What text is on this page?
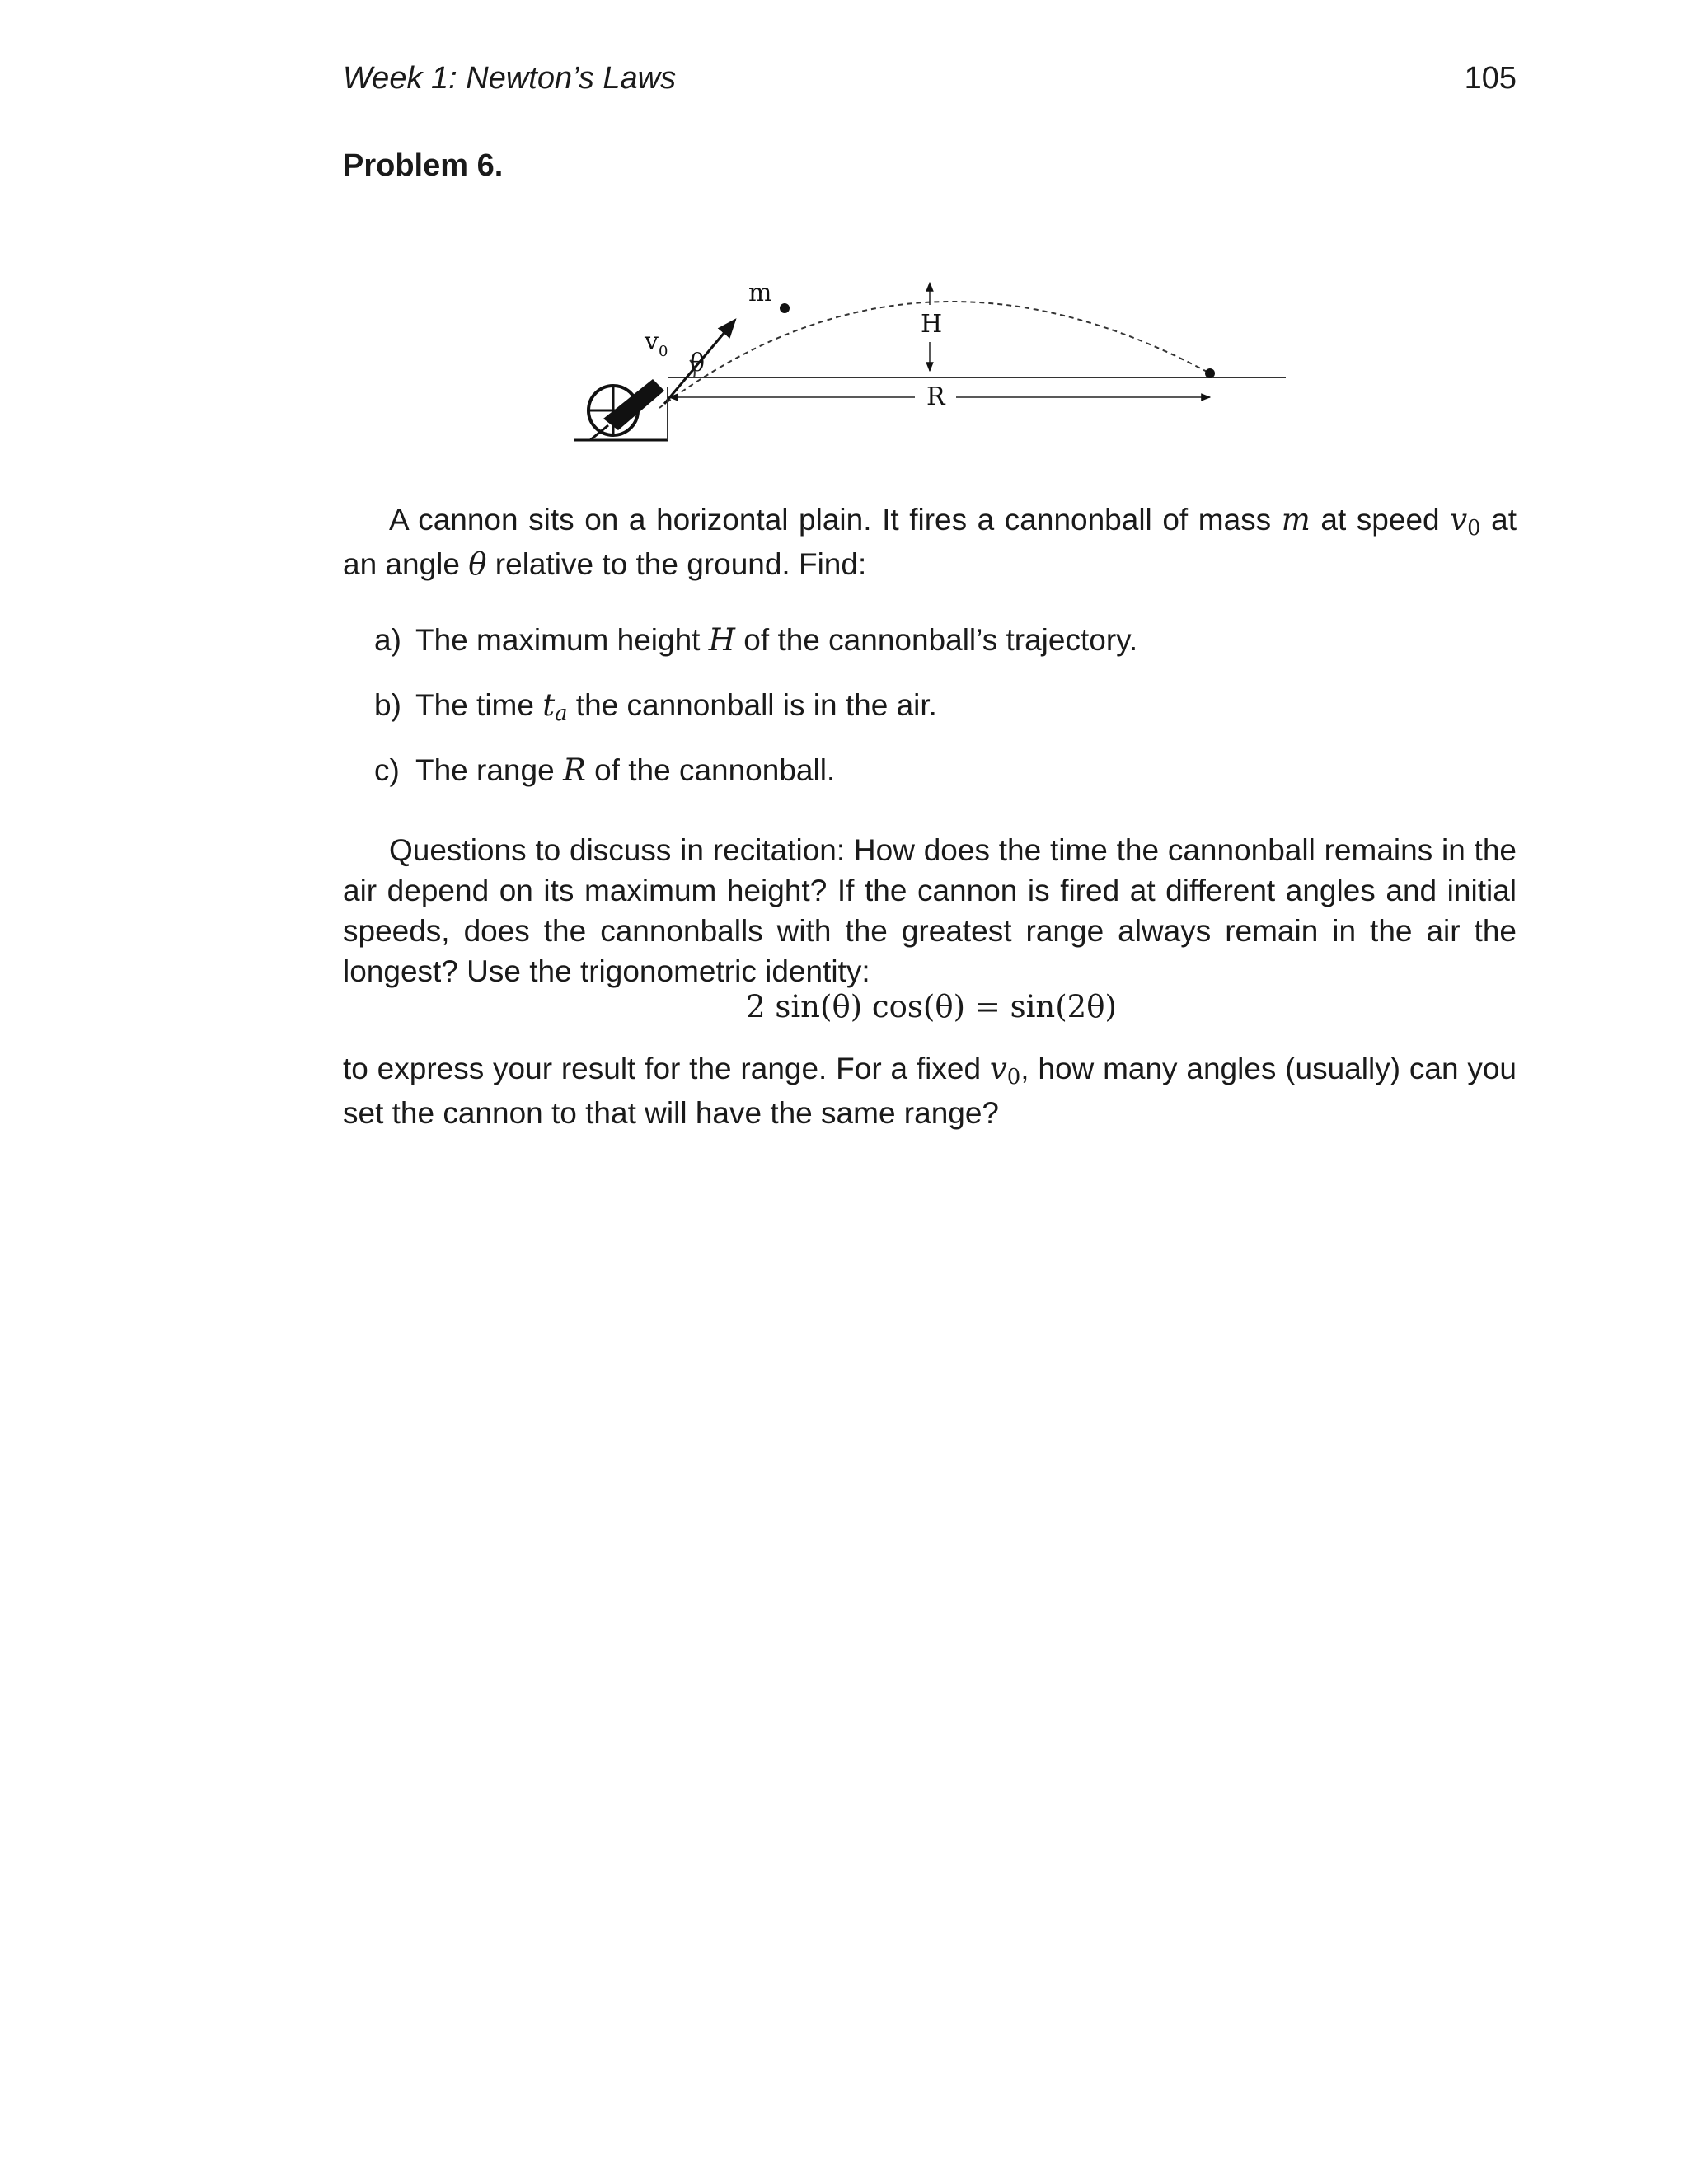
Week 1: Newton’s Laws	105
Problem 6.
m
$v_0$ θ
H
R

A cannon sits on a horizontal plain. It fires a cannonball of mass m at speed v0 at an angle θ relative to the ground. Find:

a) The maximum height H of the cannonball’s trajectory.
b) The time ta the cannonball is in the air.
c) The range R of the cannonball.

Questions to discuss in recitation: How does the time the cannonball remains in the air depend on its maximum height? If the cannon is fired at different angles and initial speeds, does the cannonballs with the greatest range always remain in the air the longest? Use the trigonometric identity:

2 sin(θ) cos(θ) = sin(2θ)

to express your result for the range. For a fixed v0, how many angles (usually) can you set the cannon to that will have the same range?
